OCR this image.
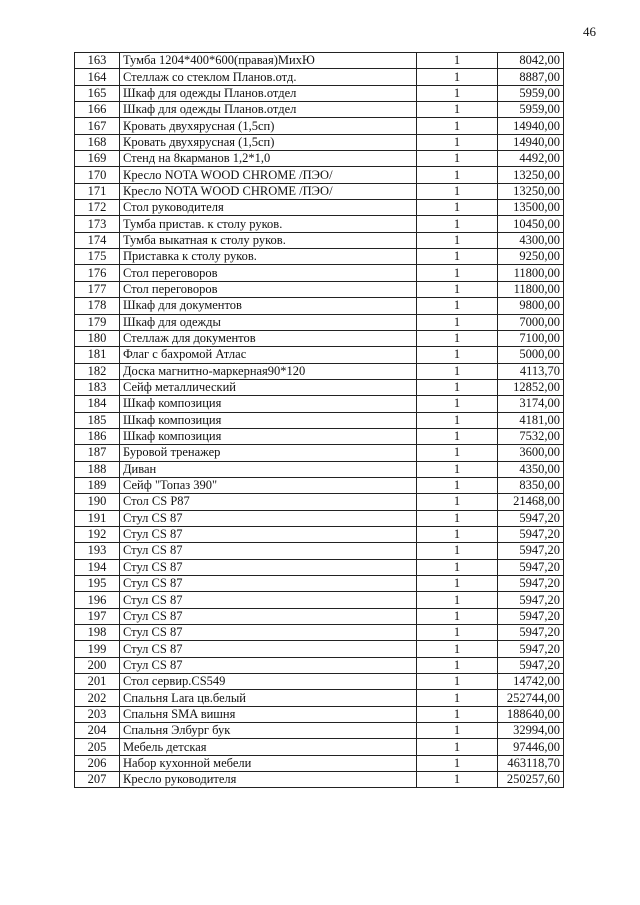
46
163	Тумба 1204*400*600(правая)МихЮ	1	8042,00
164	Стеллаж со стеклом Планов.отд.	1	8887,00
165	Шкаф для одежды Планов.отдел	1	5959,00
166	Шкаф для одежды Планов.отдел	1	5959,00
167	Кровать двухярусная (1,5сп)	1	14940,00
168	Кровать двухярусная (1,5сп)	1	14940,00
169	Стенд на 8карманов 1,2*1,0	1	4492,00
170	Кресло NOTA WOOD CHROME /ПЭО/	1	13250,00
171	Кресло NOTA WOOD CHROME /ПЭО/	1	13250,00
172	Стол руководителя	1	13500,00
173	Тумба пристав. к столу руков.	1	10450,00
174	Тумба выкатная к столу руков.	1	4300,00
175	Приставка к столу руков.	1	9250,00
176	Стол переговоров	1	11800,00
177	Стол переговоров	1	11800,00
178	Шкаф для документов	1	9800,00
179	Шкаф для одежды	1	7000,00
180	Стеллаж для документов	1	7100,00
181	Флаг с бахромой Атлас	1	5000,00
182	Доска магнитно-маркерная90*120	1	4113,70
183	Сейф металлический	1	12852,00
184	Шкаф композиция	1	3174,00
185	Шкаф композиция	1	4181,00
186	Шкаф композиция	1	7532,00
187	Буровой тренажер	1	3600,00
188	Диван	1	4350,00
189	Сейф "Топаз 390"	1	8350,00
190	Стол CS P87	1	21468,00
191	Стул CS 87	1	5947,20
192	Стул CS 87	1	5947,20
193	Стул CS 87	1	5947,20
194	Стул CS 87	1	5947,20
195	Стул CS 87	1	5947,20
196	Стул CS 87	1	5947,20
197	Стул CS 87	1	5947,20
198	Стул CS 87	1	5947,20
199	Стул CS 87	1	5947,20
200	Стул CS 87	1	5947,20
201	Стол сервир.CS549	1	14742,00
202	Спальня Lara цв.белый	1	252744,00
203	Спальня SMA вишня	1	188640,00
204	Спальня Элбург бук	1	32994,00
205	Мебель детская	1	97446,00
206	Набор кухонной мебели	1	463118,70
207	Кресло руководителя	1	250257,60
